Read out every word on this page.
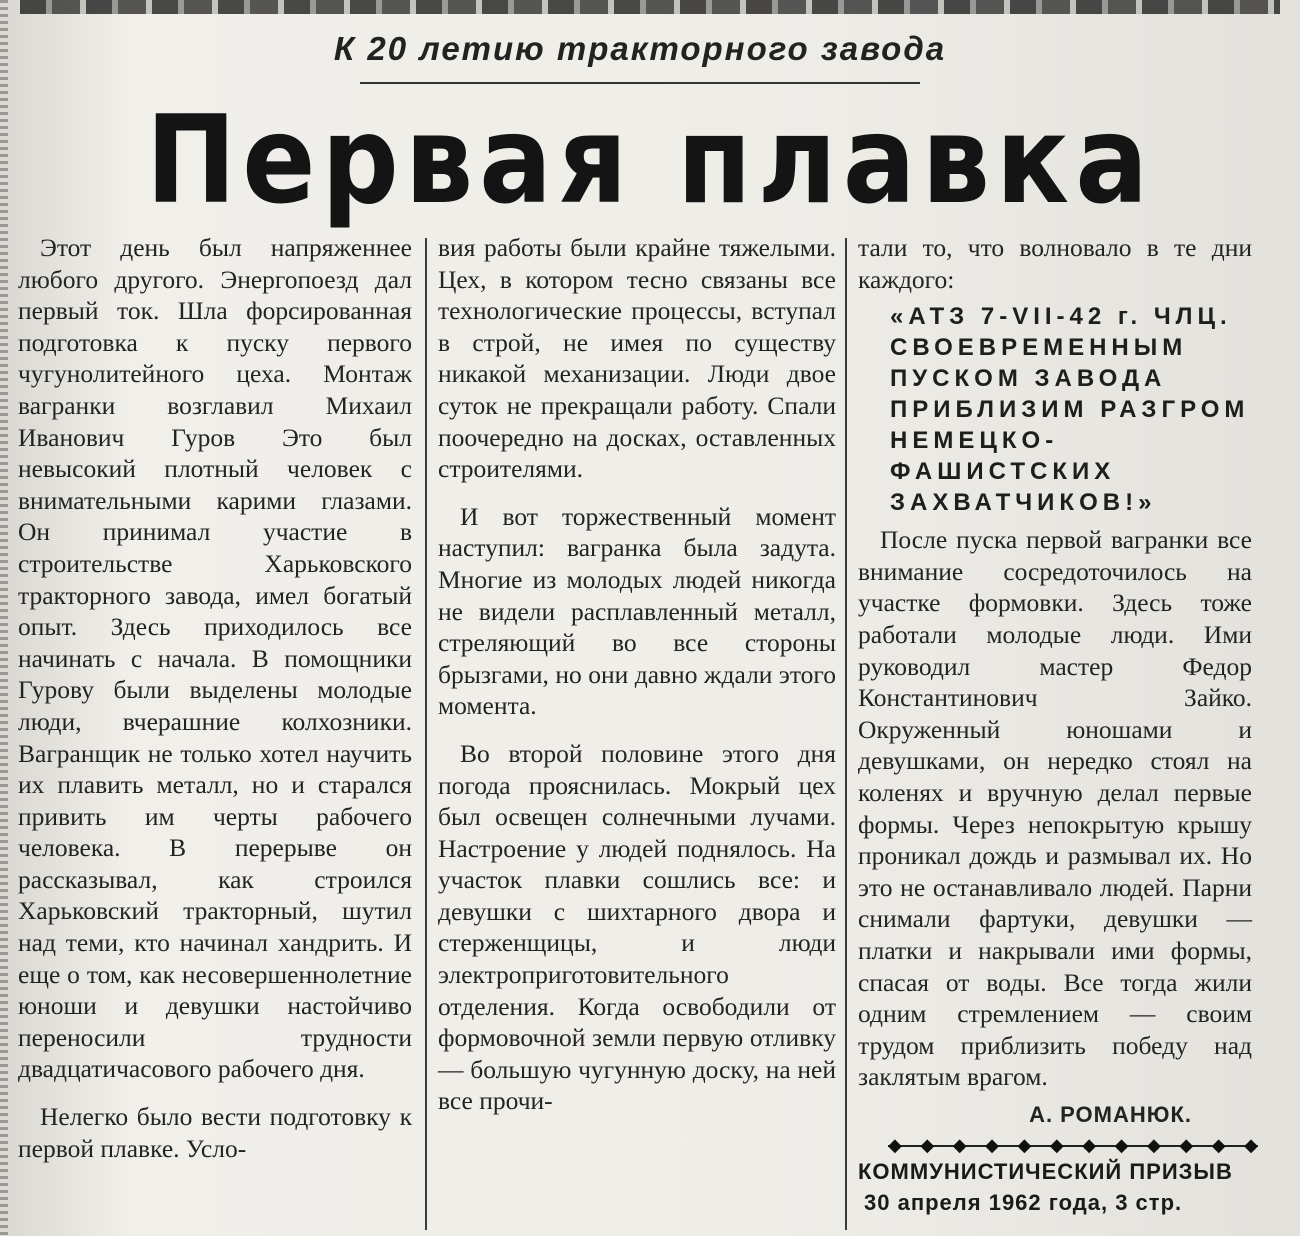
К 20 летию тракторного завода
Первая плавка

Этот день был напряженнее любого другого. Энергопоезд дал первый ток. Шла форсированная подготовка к пуску первого чугунолитейного цеха. Монтаж вагранки возглавил Михаил Иванович Гуров Это был невысокий плотный человек с внимательными карими глазами. Он принимал участие в строительстве Харьковского тракторного завода, имел богатый опыт. Здесь приходилось все начинать с начала. В помощники Гурову были выделены молодые люди, вчерашние колхозники. Вагранщик не только хотел научить их плавить металл, но и старался привить им черты рабочего человека. В перерыве он рассказывал, как строился Харьковский тракторный, шутил над теми, кто начинал хандрить. И еще о том, как несовершеннолетние юноши и девушки настойчиво переносили трудности двадцатичасового рабочего дня.

Нелегко было вести подготовку к первой плавке. Усло-

вия работы были крайне тяжелыми. Цех, в котором тесно связаны все технологические процессы, вступал в строй, не имея по существу никакой механизации. Люди двое суток не прекращали работу. Спали поочередно на досках, оставленных строителями.

И вот торжественный момент наступил: вагранка была задута. Многие из молодых людей никогда не видели расплавленный металл, стреляющий во все стороны брызгами, но они давно ждали этого момента.

Во второй половине этого дня погода прояснилась. Мокрый цех был освещен солнечными лучами. Настроение у людей поднялось. На участок плавки сошлись все: и девушки с шихтарного двора и стерженщицы, и люди электроприготовительного отделения. Когда освободили от формовочной земли первую отливку — большую чугунную доску, на ней все прочи-

тали то, что волновало в те дни каждого:

«АТЗ 7-VII-42 г. ЧЛЦ. СВОЕВРЕМЕННЫМ ПУСКОМ ЗАВОДА ПРИБЛИЗИМ РАЗГРОМ НЕМЕЦКО-ФАШИСТСКИХ ЗАХВАТЧИКОВ!»

После пуска первой вагранки все внимание сосредоточилось на участке формовки. Здесь тоже работали молодые люди. Ими руководил мастер Федор Константинович Зайко. Окруженный юношами и девушками, он нередко стоял на коленях и вручную делал первые формы. Через непокрытую крышу проникал дождь и размывал их. Но это не останавливало людей. Парни снимали фартуки, девушки — платки и накрывали ими формы, спасая от воды. Все тогда жили одним стремлением — своим трудом приблизить победу над заклятым врагом.

А. РОМАНЮК.
◆ ◆ ◆ ◆ ◆ ◆ ◆ ◆ ◆ ◆ ◆ ◆
КОММУНИСТИЧЕСКИЙ ПРИЗЫВ
30 апреля 1962 года, 3 стр.
